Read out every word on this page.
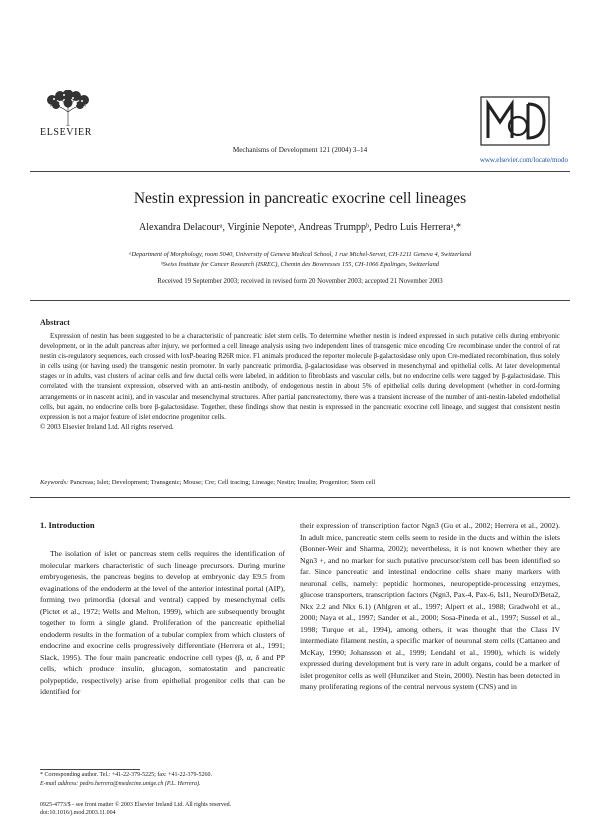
ELSEVIER
Mechanisms of Development 121 (2004) 3–14
www.elsevier.com/locate/modo
Nestin expression in pancreatic exocrine cell lineages
Alexandra Delacourᵃ, Virginie Nepoteᵃ, Andreas Trumppᵇ, Pedro Luis Herreraᵃ,*
ᵃDepartment of Morphology, room 5040, University of Geneva Medical School, 1 rue Michel-Servet, CH-1211 Geneva 4, Switzerland
ᵇSwiss Institute for Cancer Research (ISREC), Chemin des Boveresses 155, CH-1066 Epalinges, Switzerland
Received 19 September 2003; received in revised form 20 November 2003; accepted 21 November 2003
Abstract

Expression of nestin has been suggested to be a characteristic of pancreatic islet stem cells. To determine whether nestin is indeed expressed in such putative cells during embryonic development, or in the adult pancreas after injury, we performed a cell lineage analysis using two independent lines of transgenic mice encoding Cre recombinase under the control of rat nestin cis-regulatory sequences, each crossed with loxP-bearing R26R mice. F1 animals produced the reporter molecule β-galactosidase only upon Cre-mediated recombination, thus solely in cells using (or having used) the transgenic nestin promoter. In early pancreatic primordia, β-galactosidase was observed in mesenchymal and epithelial cells. At later developmental stages or in adults, vast clusters of acinar cells and few ductal cells were labeled, in addition to fibroblasts and vascular cells, but no endocrine cells were tagged by β-galactosidase. This correlated with the transient expression, observed with an anti-nestin antibody, of endogenous nestin in about 5% of epithelial cells during development (whether in cord-forming arrangements or in nascent acini), and in vascular and mesenchymal structures. After partial pancreatectomy, there was a transient increase of the number of anti-nestin-labeled endothelial cells, but again, no endocrine cells bore β-galactosidase. Together, these findings show that nestin is expressed in the pancreatic exocrine cell lineage, and suggest that consistent nestin expression is not a major feature of islet endocrine progenitor cells.

© 2003 Elsevier Ireland Ltd. All rights reserved.
Keywords: Pancreas; Islet; Development; Transgenic; Mouse; Cre; Cell tracing; Lineage; Nestin; Insulin; Progenitor; Stem cell
1. Introduction
The isolation of islet or pancreas stem cells requires the identification of molecular markers characteristic of such lineage precursors. During murine embryogenesis, the pancreas begins to develop at embryonic day E9.5 from evaginations of the endoderm at the level of the anterior intestinal portal (AIP), forming two primordia (dorsal and ventral) capped by mesenchymal cells (Pictet et al., 1972; Wells and Melton, 1999), which are subsequently brought together to form a single gland. Proliferation of the pancreatic epithelial endoderm results in the formation of a tubular complex from which clusters of endocrine and exocrine cells progressively differentiate (Herrera et al., 1991; Slack, 1995). The four main pancreatic endocrine cell types (β, α, δ and PP cells, which produce insulin, glucagon, somatostatin and pancreatic polypeptide, respectively) arise from epithelial progenitor cells that can be identified for
their expression of transcription factor Ngn3 (Gu et al., 2002; Herrera et al., 2002). In adult mice, pancreatic stem cells seem to reside in the ducts and within the islets (Bonner-Weir and Sharma, 2002); nevertheless, it is not known whether they are Ngn3 +, and no marker for such putative precursor/stem cell has been identified so far. Since pancreatic and intestinal endocrine cells share many markers with neuronal cells, namely: peptidic hormones, neuropeptide-processing enzymes, glucose transporters, transcription factors (Ngn3, Pax-4, Pax-6, Isl1, NeuroD/Beta2, Nkx 2.2 and Nkx 6.1) (Ahlgren et al., 1997; Alpert et al., 1988; Gradwohl et al., 2000; Naya et al., 1997; Sander et al., 2000; Sosa-Pineda et al., 1997; Sussel et al., 1998; Turque et al., 1994), among others, it was thought that the Class IV intermediate filament nestin, a specific marker of neuronal stem cells (Cattaneo and McKay, 1990; Johansson et al., 1999; Lendahl et al., 1990), which is widely expressed during development but is very rare in adult organs, could be a marker of islet progenitor cells as well (Hunziker and Stein, 2000). Nestin has been detected in many proliferating regions of the central nervous system (CNS) and in
* Corresponding author. Tel.: +41-22-379-5225; fax: +41-22-379-5260.
E-mail address: pedro.herrera@medecine.unige.ch (P.L. Herrera).
0925-4773/$ - see front matter © 2003 Elsevier Ireland Ltd. All rights reserved.
doi:10.1016/j.mod.2003.11.004
